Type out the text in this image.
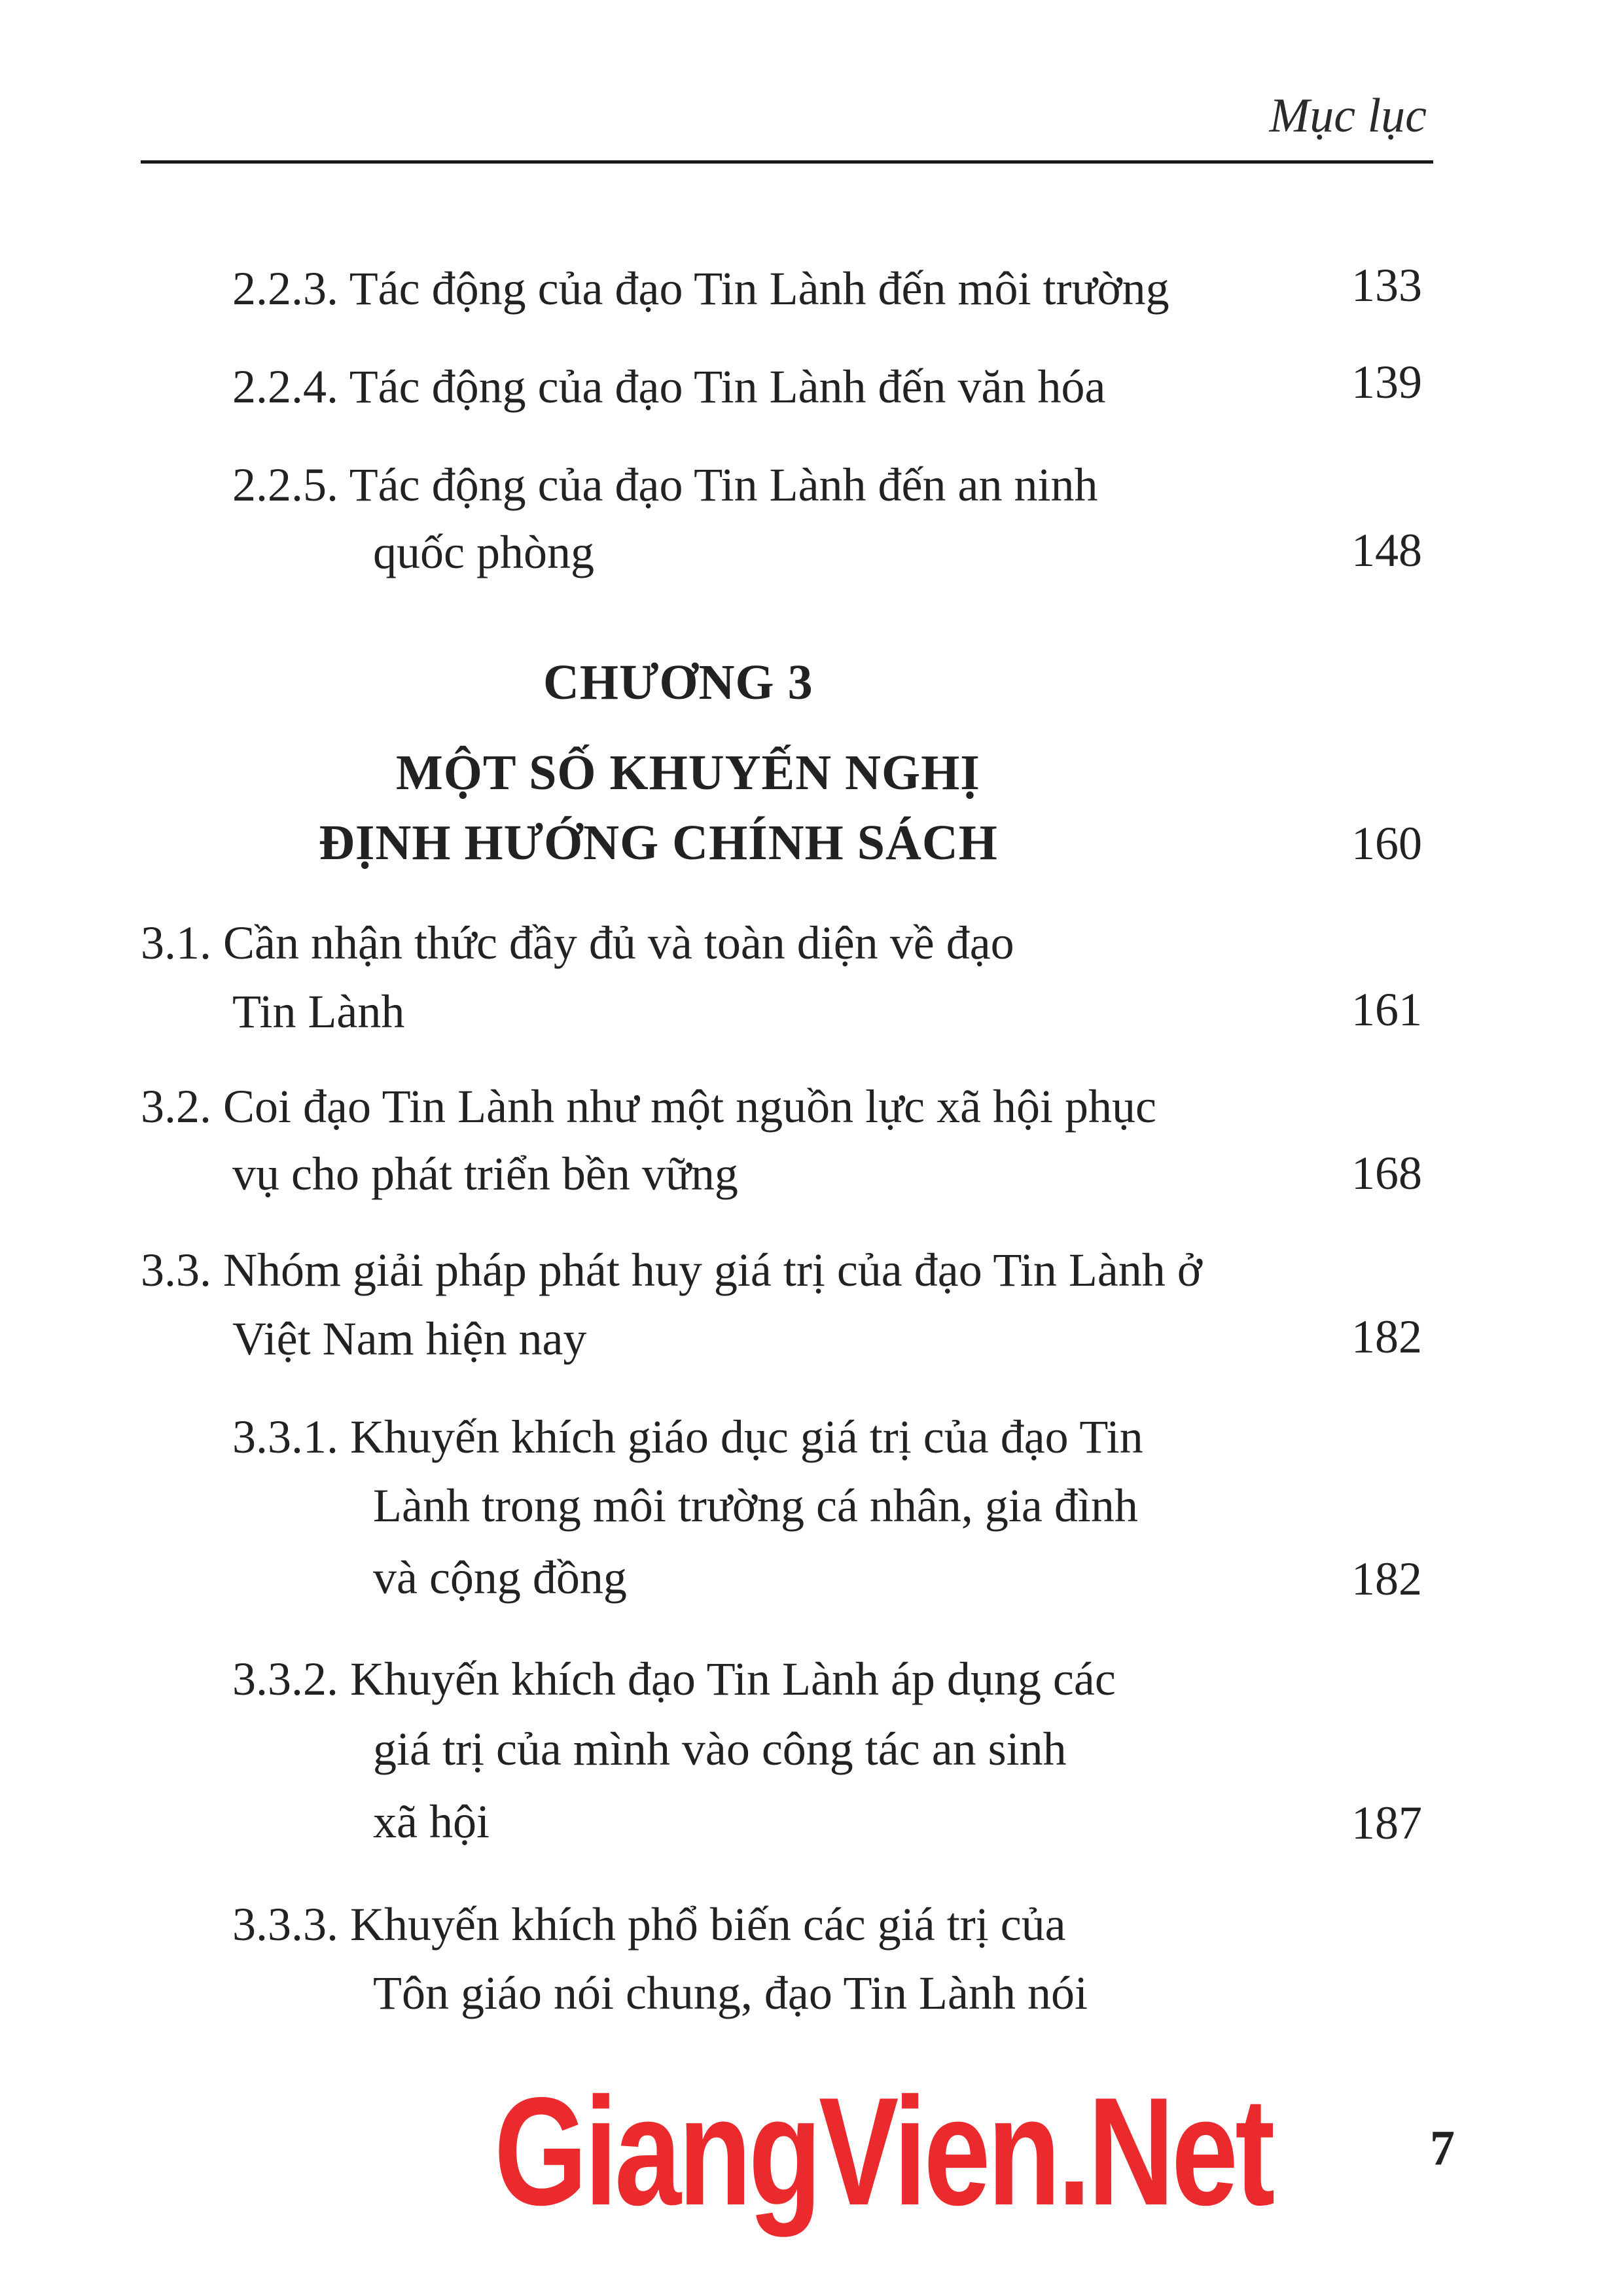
Mục lục
2.2.3. Tác động của đạo Tin Lành đến môi trường	133
2.2.4. Tác động của đạo Tin Lành đến văn hóa	139
2.2.5. Tác động của đạo Tin Lành đến an ninh
quốc phòng	148
CHƯƠNG 3
MỘT SỐ KHUYẾN NGHỊ
ĐỊNH HƯỚNG CHÍNH SÁCH	160
3.1. Cần nhận thức đầy đủ và toàn diện về đạo
Tin Lành	161
3.2. Coi đạo Tin Lành như một nguồn lực xã hội phục
vụ cho phát triển bền vững	168
3.3. Nhóm giải pháp phát huy giá trị của đạo Tin Lành ở
Việt Nam hiện nay	182
3.3.1. Khuyến khích giáo dục giá trị của đạo Tin
Lành trong môi trường cá nhân, gia đình
và cộng đồng	182
3.3.2. Khuyến khích đạo Tin Lành áp dụng các
giá trị của mình vào công tác an sinh
xã hội	187
3.3.3. Khuyến khích phổ biến các giá trị của
Tôn giáo nói chung, đạo Tin Lành nói
GiangVien.Net	7
